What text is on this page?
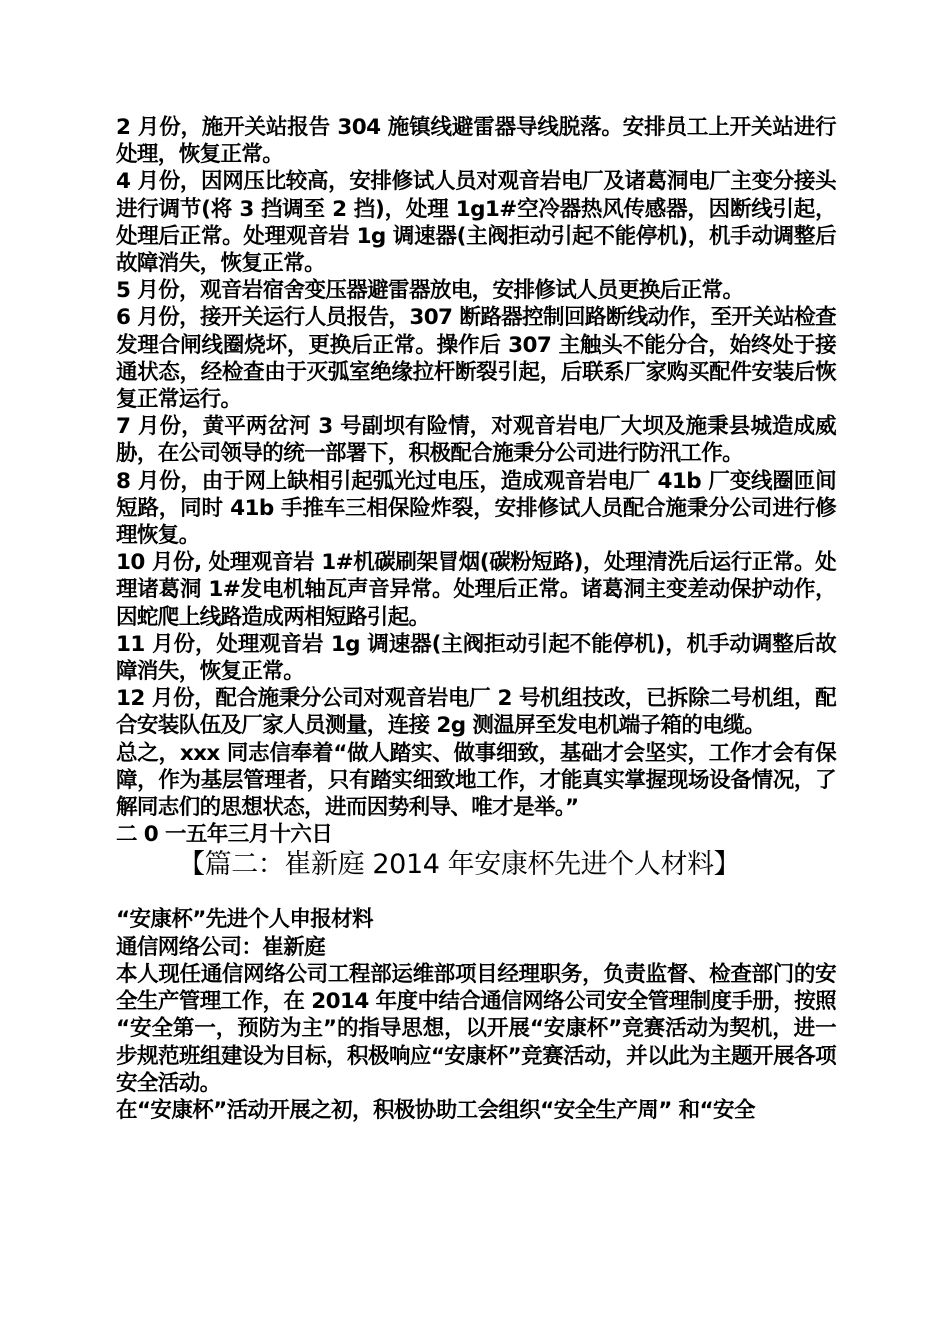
2 月份，施开关站报告 304 施镇线避雷器导线脱落。安排员工上开关站进行处理，恢复正常。

4 月份，因网压比较高，安排修试人员对观音岩电厂及诸葛洞电厂主变分接头进行调节(将 3 挡调至 2 挡)，处理 1g1#空冷器热风传感器，因断线引起，处理后正常。处理观音岩 1g 调速器(主阀拒动引起不能停机)，机手动调整后故障消失，恢复正常。

5 月份，观音岩宿舍变压器避雷器放电，安排修试人员更换后正常。

6 月份，接开关运行人员报告，307 断路器控制回路断线动作，至开关站检查发理合闸线圈烧坏，更换后正常。操作后 307 主触头不能分合，始终处于接通状态，经检查由于灭弧室绝缘拉杆断裂引起，后联系厂家购买配件安装后恢复正常运行。

7 月份，黄平两岔河 3 号副坝有险情，对观音岩电厂大坝及施秉县城造成威胁，在公司领导的统一部署下，积极配合施秉分公司进行防汛工作。

8 月份，由于网上缺相引起弧光过电压，造成观音岩电厂 41b 厂变线圈匝间短路，同时 41b 手推车三相保险炸裂，安排修试人员配合施秉分公司进行修理恢复。

10 月份, 处理观音岩 1#机碳刷架冒烟(碳粉短路)，处理清洗后运行正常。处理诸葛洞 1#发电机轴瓦声音异常。处理后正常。诸葛洞主变差动保护动作，因蛇爬上线路造成两相短路引起。

11 月份，处理观音岩 1g 调速器(主阀拒动引起不能停机)，机手动调整后故障消失，恢复正常。

12 月份，配合施秉分公司对观音岩电厂 2 号机组技改，已拆除二号机组，配合安装队伍及厂家人员测量，连接 2g 测温屏至发电机端子箱的电缆。

总之，xxx 同志信奉着“做人踏实、做事细致，基础才会坚实，工作才会有保障，作为基层管理者，只有踏实细致地工作，才能真实掌握现场设备情况，了解同志们的思想状态，进而因势利导、唯才是举。”

二 0 一五年三月十六日

【篇二：崔新庭 2014 年安康杯先进个人材料】

“安康杯”先进个人申报材料

通信网络公司：崔新庭

本人现任通信网络公司工程部运维部项目经理职务，负责监督、检查部门的安全生产管理工作，在 2014 年度中结合通信网络公司安全管理制度手册，按照 “安全第一，预防为主”的指导思想，以开展“安康杯”竞赛活动为契机，进一步规范班组建设为目标，积极响应“安康杯”竞赛活动，并以此为主题开展各项安全活动。

在“安康杯”活动开展之初，积极协助工会组织“安全生产周” 和“安全
